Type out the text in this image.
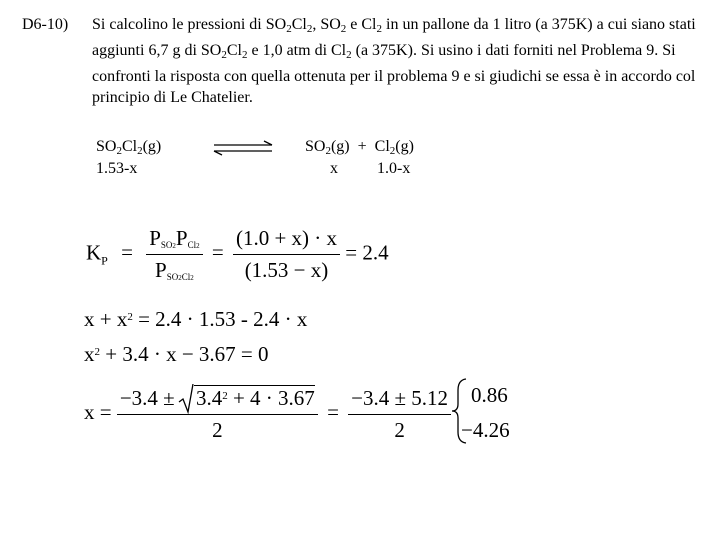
D6-10) Si calcolino le pressioni di $SO_2Cl_2$, $SO_2$ e $Cl_2$ in un pallone da 1 litro (a 375K) a cui siano stati aggiunti 6,7 g di $SO_2Cl_2$ e 1,0 atm di $Cl_2$ (a 375K). Si usino i dati forniti nel Problema 9. Si confronti la risposta con quella ottenuta per il problema 9 e si giudichi se essa è in accordo col principio di Le Chatelier.
$SO_2Cl_2(g)$
1.53-x
$SO_2(g) + Cl_2(g)$
x 1.0-x
$K_P = \frac{\text{PSO2PCl2}}{\text{PSO2Cl2}} = \frac{(1.0 + x) \cdot x}{(1.53 - x)} = 2.4$
$x + x^2 = 2.4 \cdot 1.53 - 2.4 \cdot x$
$x^2 + 3.4 \cdot x - 3.67 = 0$
$x = \frac{-3.4 \pm 3.4^2 + 4 \cdot 3.67}{2} = \frac{-3.4 \pm 5.12}{2} 0.86$
−4.26
